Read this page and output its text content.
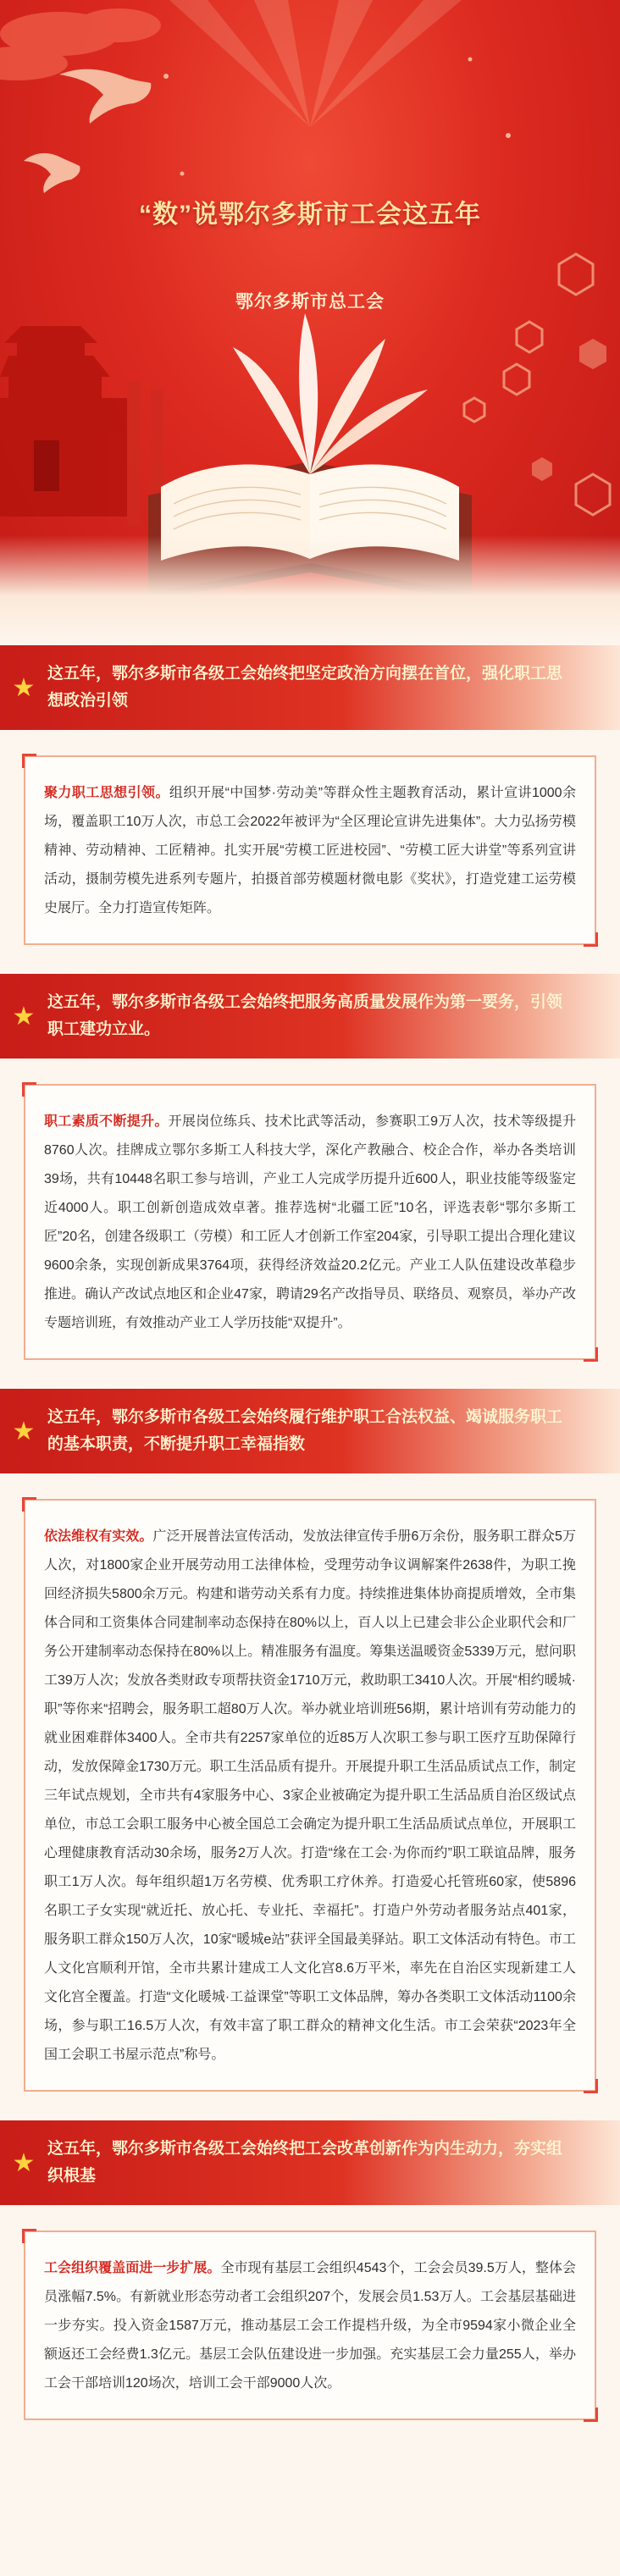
“数”说鄂尔多斯市工会这五年
鄂尔多斯市总工会
★ 这五年，鄂尔多斯市各级工会始终把坚定政治方向摆在首位，强化职工思想政治引领

聚力职工思想引领。组织开展“中国梦·劳动美”等群众性主题教育活动，累计宣讲1000余场，覆盖职工10万人次，市总工会2022年被评为“全区理论宣讲先进集体”。大力弘扬劳模精神、劳动精神、工匠精神。扎实开展“劳模工匠进校园”、“劳模工匠大讲堂”等系列宣讲活动，摄制劳模先进系列专题片，拍摄首部劳模题材微电影《奖状》，打造党建工运劳模史展厅。全力打造宣传矩阵。

★ 这五年，鄂尔多斯市各级工会始终把服务高质量发展作为第一要务，引领职工建功立业。

职工素质不断提升。开展岗位练兵、技术比武等活动，参赛职工9万人次，技术等级提升8760人次。挂牌成立鄂尔多斯工人科技大学，深化产教融合、校企合作，举办各类培训39场，共有10448名职工参与培训，产业工人完成学历提升近600人，职业技能等级鉴定近4000人。职工创新创造成效卓著。推荐选树“北疆工匠”10名，评选表彰“鄂尔多斯工匠”20名，创建各级职工（劳模）和工匠人才创新工作室204家，引导职工提出合理化建议9600余条，实现创新成果3764项，获得经济效益20.2亿元。产业工人队伍建设改革稳步推进。确认产改试点地区和企业47家，聘请29名产改指导员、联络员、观察员，举办产改专题培训班，有效推动产业工人学历技能“双提升”。

★ 这五年，鄂尔多斯市各级工会始终履行维护职工合法权益、竭诚服务职工的基本职责，不断提升职工幸福指数

依法维权有实效。广泛开展普法宣传活动，发放法律宣传手册6万余份，服务职工群众5万人次，对1800家企业开展劳动用工法律体检，受理劳动争议调解案件2638件，为职工挽回经济损失5800余万元。构建和谐劳动关系有力度。持续推进集体协商提质增效，全市集体合同和工资集体合同建制率动态保持在80%以上，百人以上已建会非公企业职代会和厂务公开建制率动态保持在80%以上。精准服务有温度。筹集送温暖资金5339万元，慰问职工39万人次；发放各类财政专项帮扶资金1710万元，救助职工3410人次。开展“相约暖城·职”等你来“招聘会，服务职工超80万人次。举办就业培训班56期，累计培训有劳动能力的就业困难群体3400人。全市共有2257家单位的近85万人次职工参与职工医疗互助保障行动，发放保障金1730万元。职工生活品质有提升。开展提升职工生活品质试点工作，制定三年试点规划，全市共有4家服务中心、3家企业被确定为提升职工生活品质自治区级试点单位，市总工会职工服务中心被全国总工会确定为提升职工生活品质试点单位，开展职工心理健康教育活动30余场，服务2万人次。打造“缘在工会·为你而约”职工联谊品牌，服务职工1万人次。每年组织超1万名劳模、优秀职工疗休养。打造爱心托管班60家，使5896名职工子女实现“就近托、放心托、专业托、幸福托”。打造户外劳动者服务站点401家，服务职工群众150万人次，10家“暖城e站”获评全国最美驿站。职工文体活动有特色。市工人文化宫顺利开馆，全市共累计建成工人文化宫8.6万平米，率先在自治区实现新建工人文化宫全覆盖。打造“文化暖城·工益课堂”等职工文体品牌，筹办各类职工文体活动1100余场，参与职工16.5万人次，有效丰富了职工群众的精神文化生活。市工会荣获“2023年全国工会职工书屋示范点”称号。

★ 这五年，鄂尔多斯市各级工会始终把工会改革创新作为内生动力，夯实组织根基

工会组织覆盖面进一步扩展。全市现有基层工会组织4543个，工会会员39.5万人，整体会员涨幅7.5%。有新就业形态劳动者工会组织207个，发展会员1.53万人。工会基层基础进一步夯实。投入资金1587万元，推动基层工会工作提档升级，为全市9594家小微企业全额返还工会经费1.3亿元。基层工会队伍建设进一步加强。充实基层工会力量255人，举办工会干部培训120场次，培训工会干部9000人次。
